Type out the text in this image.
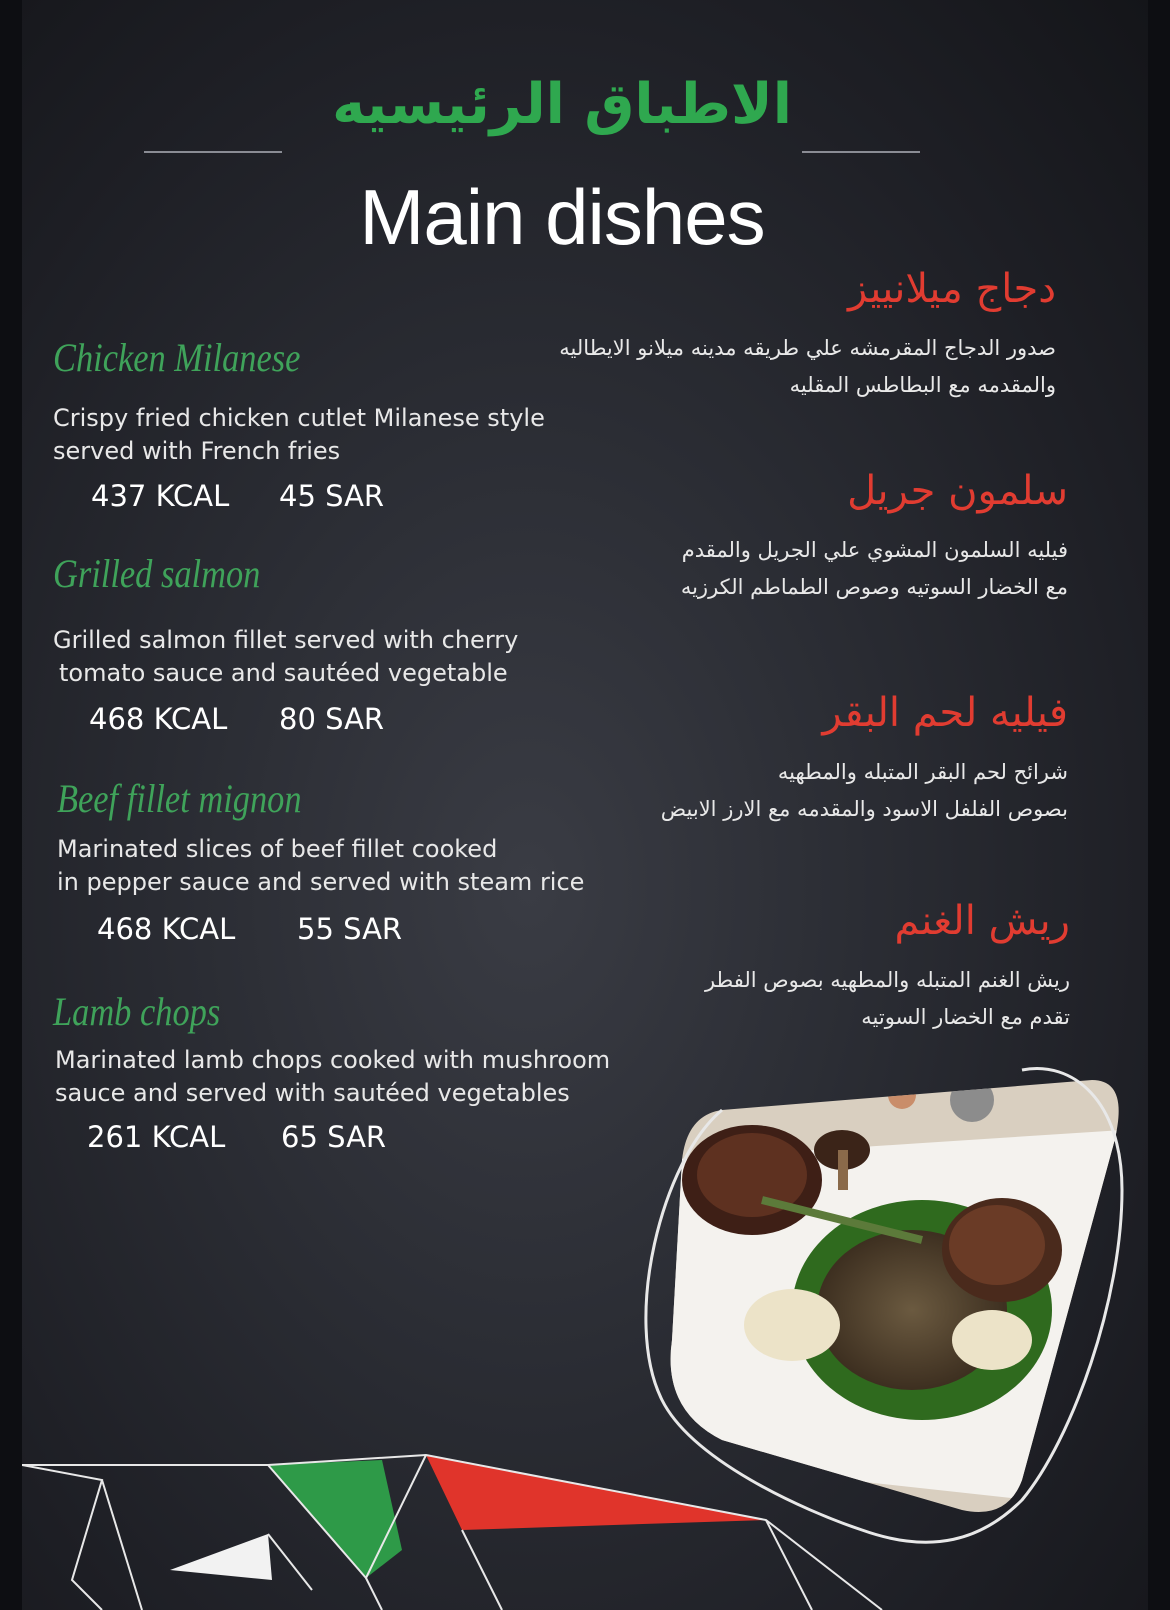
الاطباق الرئيسيه
Main dishes
Chicken Milanese
Crispy fried chicken cutlet Milanese style
served with French fries
437 KCAL 45 SAR
Grilled salmon
Grilled salmon fillet served with cherry
tomato sauce and sautéed vegetable
468 KCAL 80 SAR
Beef fillet mignon
Marinated slices of beef fillet cooked
in pepper sauce and served with steam rice
468 KCAL 55 SAR
Lamb chops
Marinated lamb chops cooked with mushroom
sauce and served with sautéed vegetables
261 KCAL 65 SAR
دجاج ميلانييز
صدور الدجاج المقرمشه علي طريقه مدينه ميلانو الايطاليه
والمقدمه مع البطاطس المقليه
سلمون جريل
فيليه السلمون المشوي علي الجريل والمقدم
مع الخضار السوتيه وصوص الطماطم الكرزيه
فيليه لحم البقر
شرائح لحم البقر المتبله والمطهيه
بصوص الفلفل الاسود والمقدمه مع الارز الابيض
ريش الغنم
ريش الغنم المتبله والمطهيه بصوص الفطر
تقدم مع الخضار السوتيه
